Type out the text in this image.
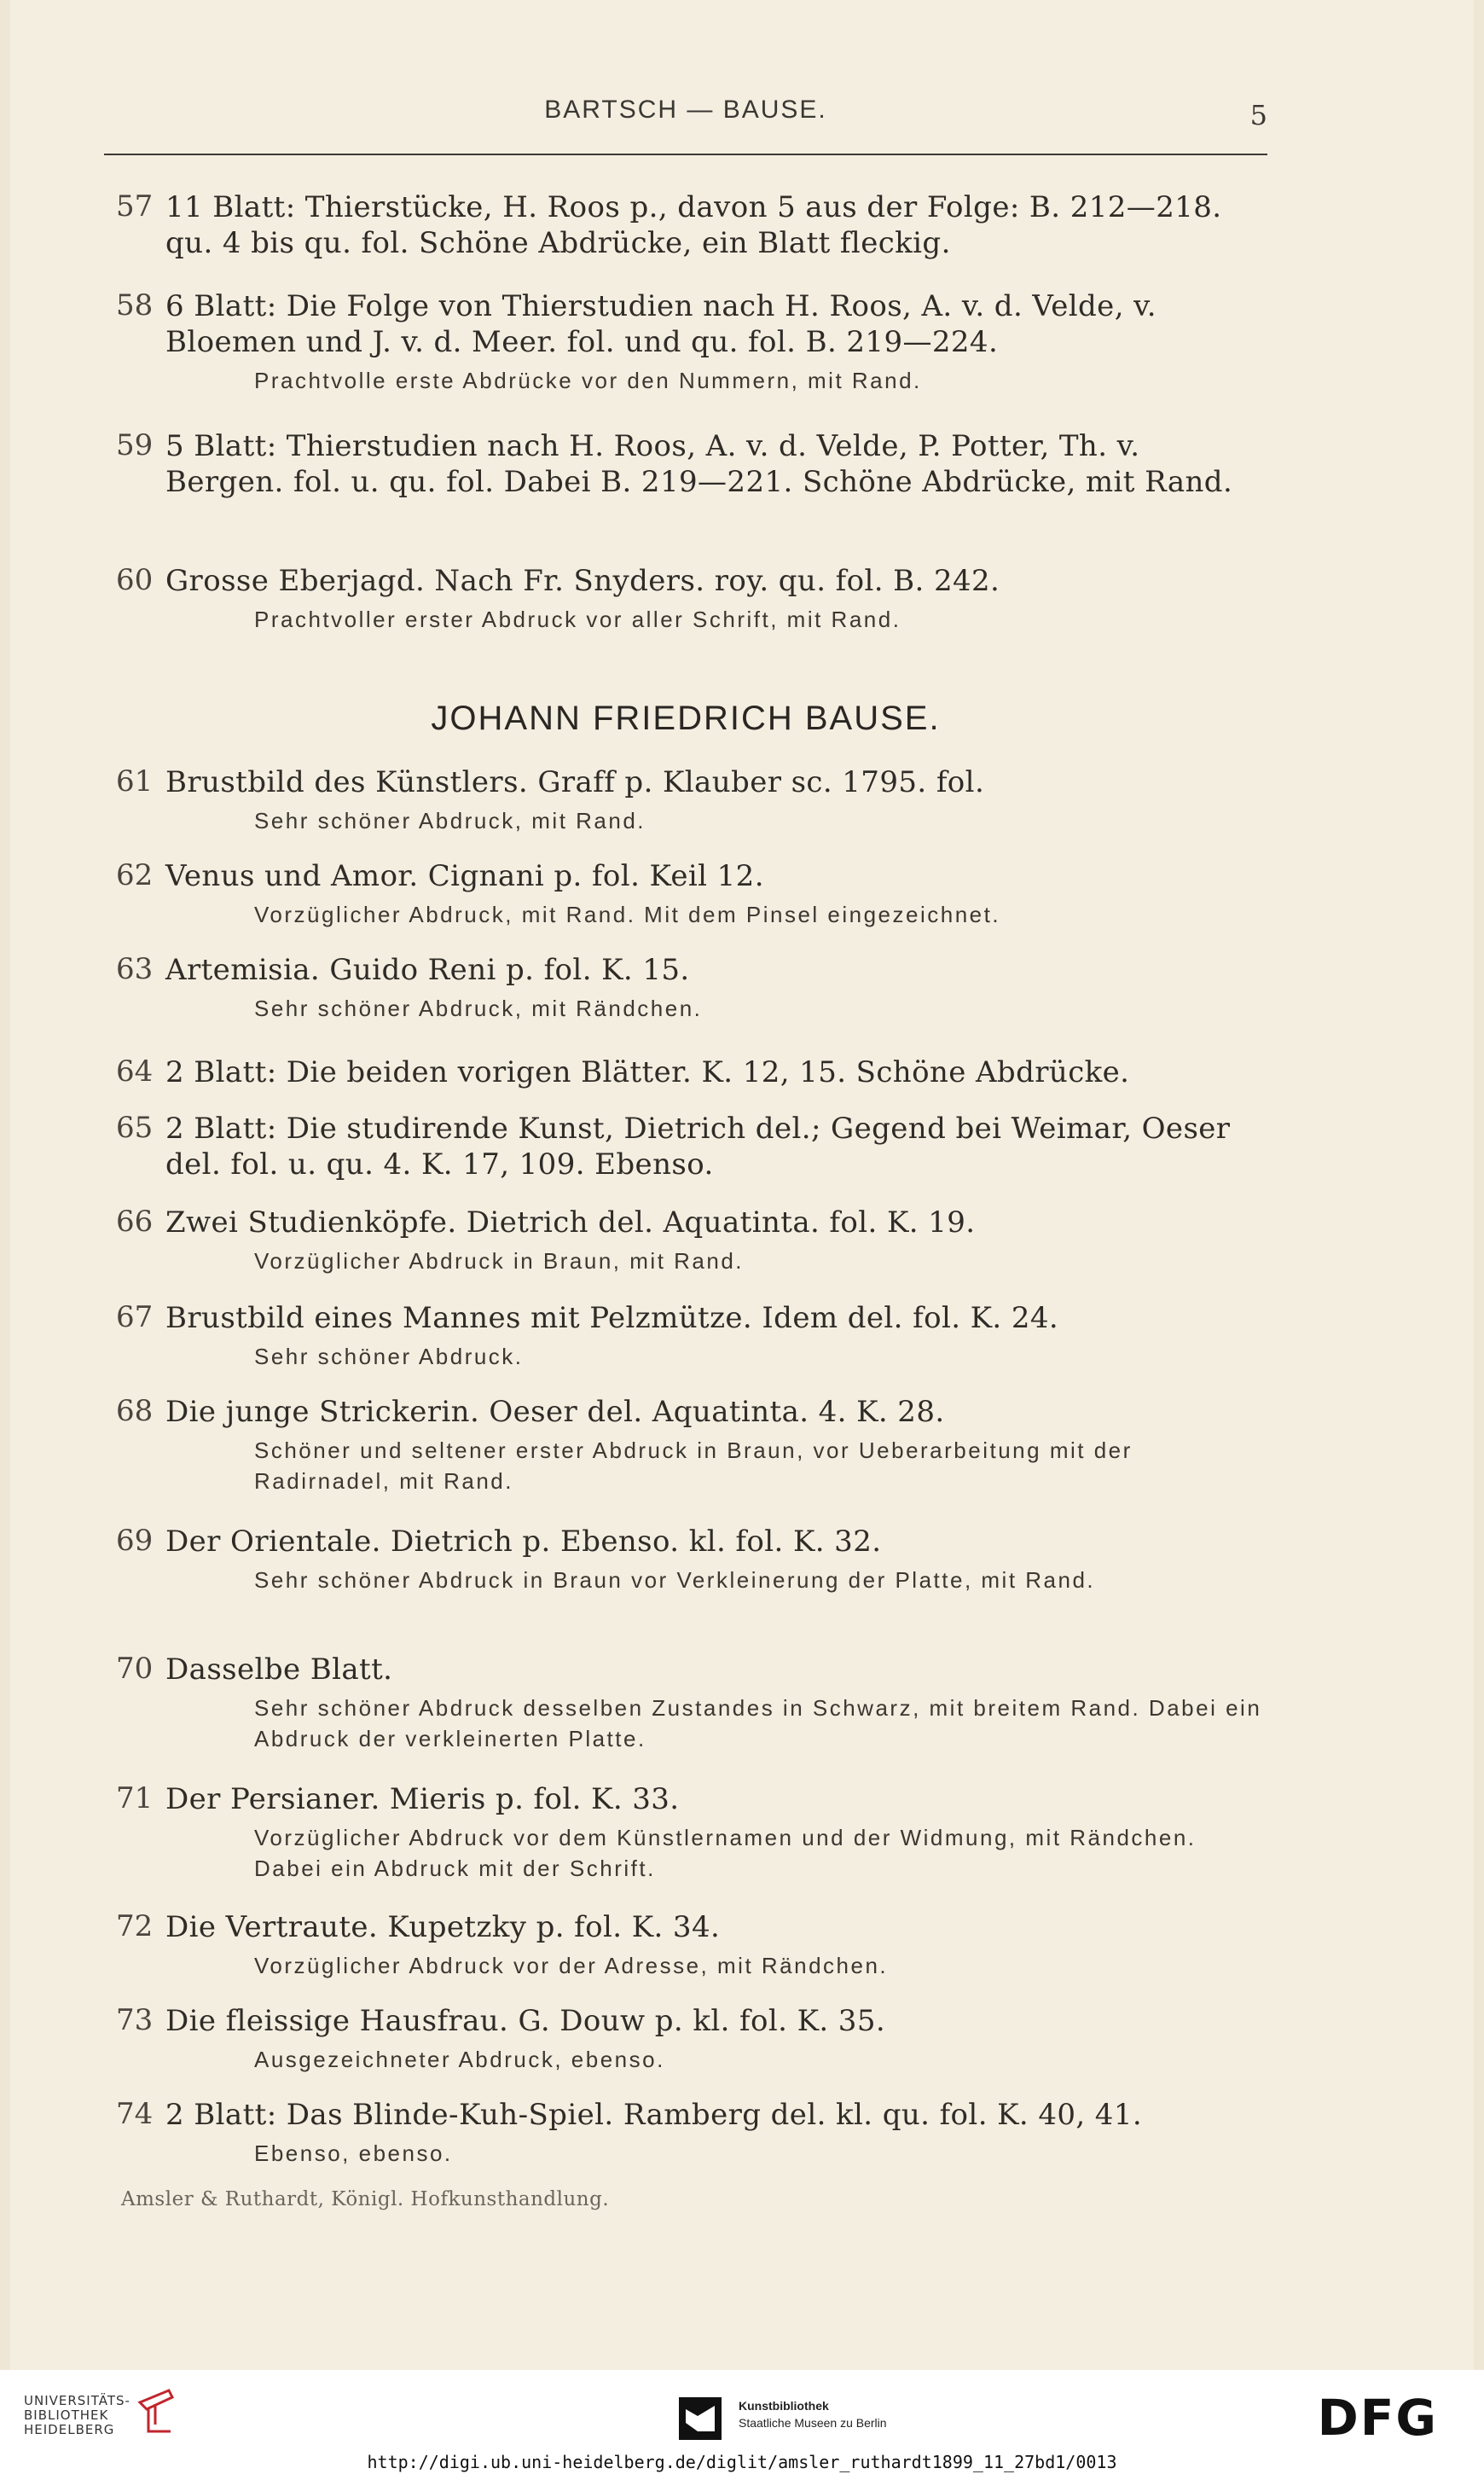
BARTSCH — BAUSE.	5
57 11 Blatt: Thierstücke, H. Roos p., davon 5 aus der Folge: B. 212—218. qu. 4 bis qu. fol. Schöne Abdrücke, ein Blatt fleckig.
58 6 Blatt: Die Folge von Thierstudien nach H. Roos, A. v. d. Velde, v. Bloemen und J. v. d. Meer. fol. und qu. fol. B. 219—224.
Prachtvolle erste Abdrücke vor den Nummern, mit Rand.
59 5 Blatt: Thierstudien nach H. Roos, A. v. d. Velde, P. Potter, Th. v. Bergen. fol. u. qu. fol. Dabei B. 219—221. Schöne Abdrücke, mit Rand.
60 Grosse Eberjagd. Nach Fr. Snyders. roy. qu. fol. B. 242.
Prachtvoller erster Abdruck vor aller Schrift, mit Rand.
JOHANN FRIEDRICH BAUSE.
61 Brustbild des Künstlers. Graff p. Klauber sc. 1795. fol.
Sehr schöner Abdruck, mit Rand.
62 Venus und Amor. Cignani p. fol. Keil 12.
Vorzüglicher Abdruck, mit Rand. Mit dem Pinsel eingezeichnet.
63 Artemisia. Guido Reni p. fol. K. 15.
Sehr schöner Abdruck, mit Rändchen.
64 2 Blatt: Die beiden vorigen Blätter. K. 12, 15. Schöne Abdrücke.
65 2 Blatt: Die studirende Kunst, Dietrich del.; Gegend bei Weimar, Oeser del. fol. u. qu. 4. K. 17, 109. Ebenso.
66 Zwei Studienköpfe. Dietrich del. Aquatinta. fol. K. 19.
Vorzüglicher Abdruck in Braun, mit Rand.
67 Brustbild eines Mannes mit Pelzmütze. Idem del. fol. K. 24.
Sehr schöner Abdruck.
68 Die junge Strickerin. Oeser del. Aquatinta. 4. K. 28.
Schöner und seltener erster Abdruck in Braun, vor Ueberarbeitung mit der Radirnadel, mit Rand.
69 Der Orientale. Dietrich p. Ebenso. kl. fol. K. 32.
Sehr schöner Abdruck in Braun vor Verkleinerung der Platte, mit Rand.
70 Dasselbe Blatt.
Sehr schöner Abdruck desselben Zustandes in Schwarz, mit breitem Rand. Dabei ein Abdruck der verkleinerten Platte.
71 Der Persianer. Mieris p. fol. K. 33.
Vorzüglicher Abdruck vor dem Künstlernamen und der Widmung, mit Rändchen. Dabei ein Abdruck mit der Schrift.
72 Die Vertraute. Kupetzky p. fol. K. 34.
Vorzüglicher Abdruck vor der Adresse, mit Rändchen.
73 Die fleissige Hausfrau. G. Douw p. kl. fol. K. 35.
Ausgezeichneter Abdruck, ebenso.
74 2 Blatt: Das Blinde-Kuh-Spiel. Ramberg del. kl. qu. fol. K. 40, 41.
Ebenso, ebenso.
Amsler & Ruthardt, Königl. Hofkunsthandlung.
UNIVERSITÄTS-
BIBLIOTHEK
HEIDELBERG
Kunstbibliothek
Staatliche Museen zu Berlin	DFG
http://digi.ub.uni-heidelberg.de/diglit/amsler_ruthardt1899_11_27bd1/0013
